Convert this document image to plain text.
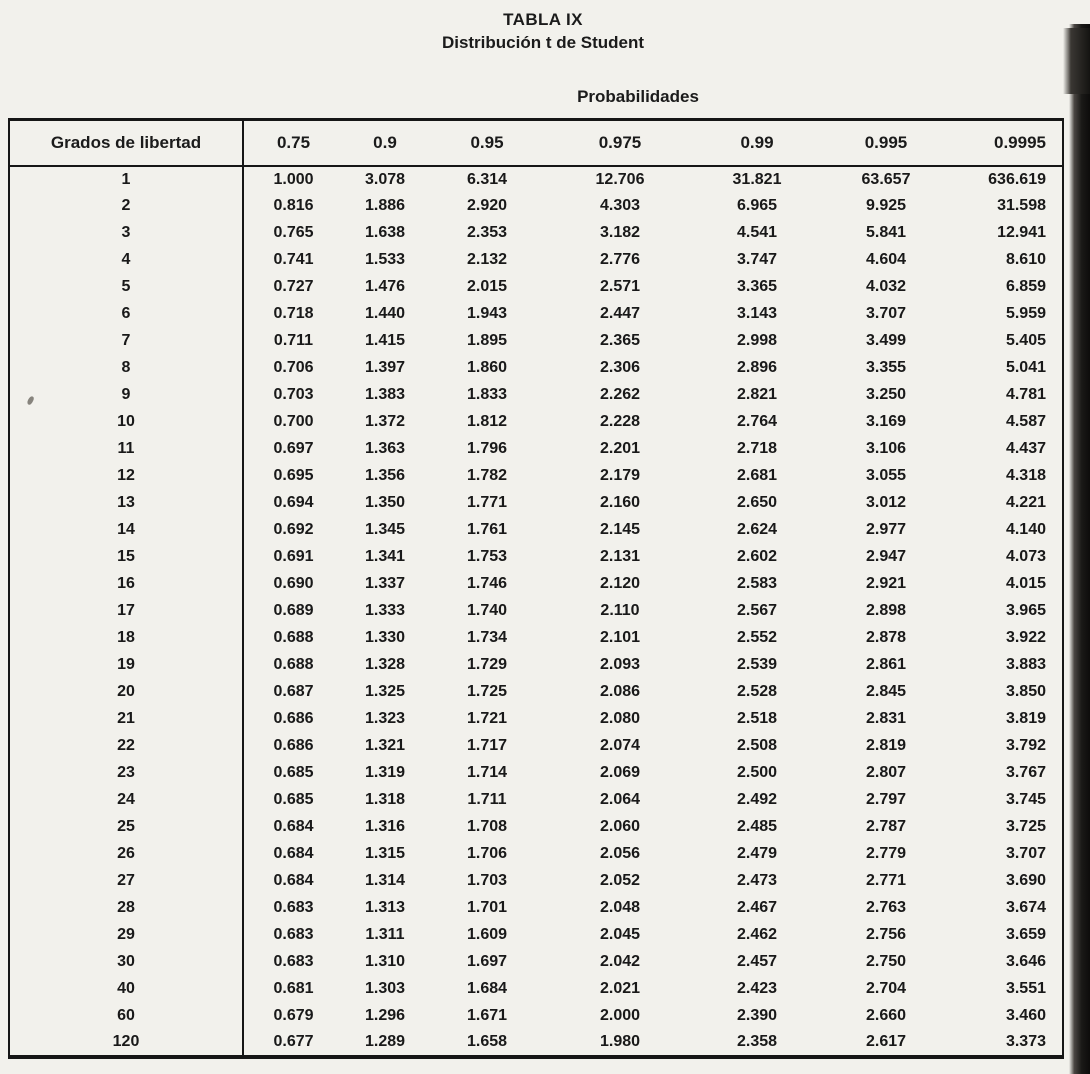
TABLA IX
Distribución t de Student
Probabilidades
Grados de libertad	0.75	0.9	0.95	0.975	0.99	0.995	0.9995
1	1.000	3.078	6.314	12.706	31.821	63.657	636.619
2	0.816	1.886	2.920	4.303	6.965	9.925	31.598
3	0.765	1.638	2.353	3.182	4.541	5.841	12.941
4	0.741	1.533	2.132	2.776	3.747	4.604	8.610
5	0.727	1.476	2.015	2.571	3.365	4.032	6.859
6	0.718	1.440	1.943	2.447	3.143	3.707	5.959
7	0.711	1.415	1.895	2.365	2.998	3.499	5.405
8	0.706	1.397	1.860	2.306	2.896	3.355	5.041
9	0.703	1.383	1.833	2.262	2.821	3.250	4.781
10	0.700	1.372	1.812	2.228	2.764	3.169	4.587
11	0.697	1.363	1.796	2.201	2.718	3.106	4.437
12	0.695	1.356	1.782	2.179	2.681	3.055	4.318
13	0.694	1.350	1.771	2.160	2.650	3.012	4.221
14	0.692	1.345	1.761	2.145	2.624	2.977	4.140
15	0.691	1.341	1.753	2.131	2.602	2.947	4.073
16	0.690	1.337	1.746	2.120	2.583	2.921	4.015
17	0.689	1.333	1.740	2.110	2.567	2.898	3.965
18	0.688	1.330	1.734	2.101	2.552	2.878	3.922
19	0.688	1.328	1.729	2.093	2.539	2.861	3.883
20	0.687	1.325	1.725	2.086	2.528	2.845	3.850
21	0.686	1.323	1.721	2.080	2.518	2.831	3.819
22	0.686	1.321	1.717	2.074	2.508	2.819	3.792
23	0.685	1.319	1.714	2.069	2.500	2.807	3.767
24	0.685	1.318	1.711	2.064	2.492	2.797	3.745
25	0.684	1.316	1.708	2.060	2.485	2.787	3.725
26	0.684	1.315	1.706	2.056	2.479	2.779	3.707
27	0.684	1.314	1.703	2.052	2.473	2.771	3.690
28	0.683	1.313	1.701	2.048	2.467	2.763	3.674
29	0.683	1.311	1.609	2.045	2.462	2.756	3.659
30	0.683	1.310	1.697	2.042	2.457	2.750	3.646
40	0.681	1.303	1.684	2.021	2.423	2.704	3.551
60	0.679	1.296	1.671	2.000	2.390	2.660	3.460
120	0.677	1.289	1.658	1.980	2.358	2.617	3.373
